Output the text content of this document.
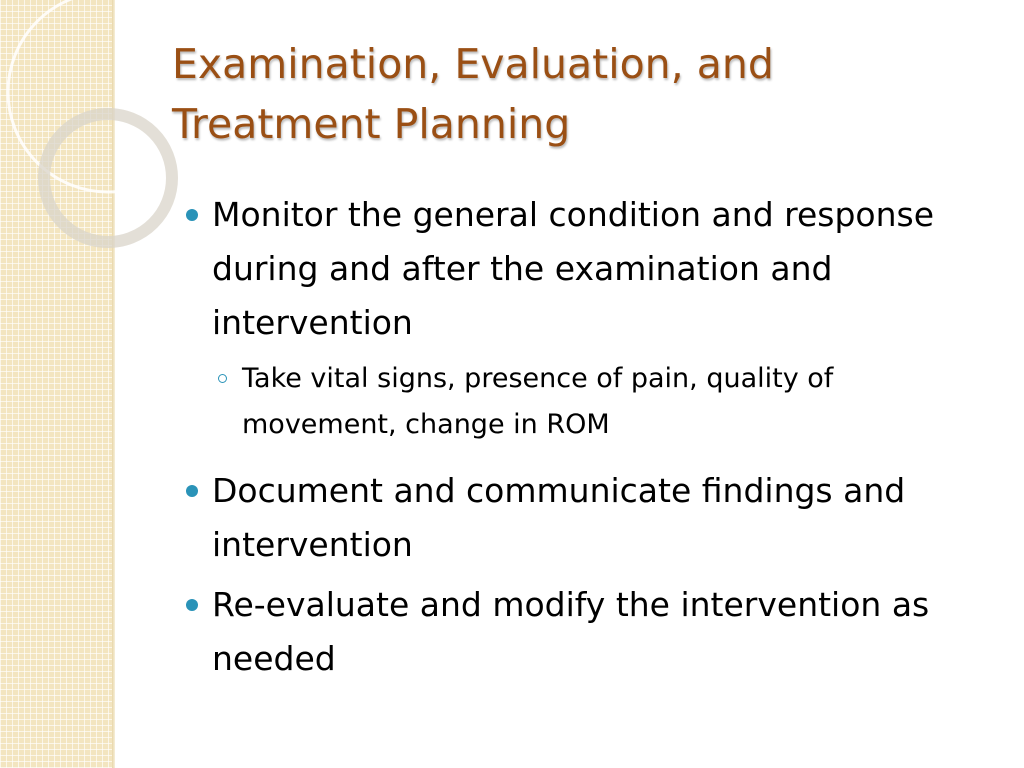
Examination, Evaluation, and
Treatment Planning
Monitor the general condition and response during and after the examination and intervention
Take vital signs, presence of pain, quality of movement, change in ROM
Document and communicate findings and intervention
Re-evaluate and modify the intervention as needed
